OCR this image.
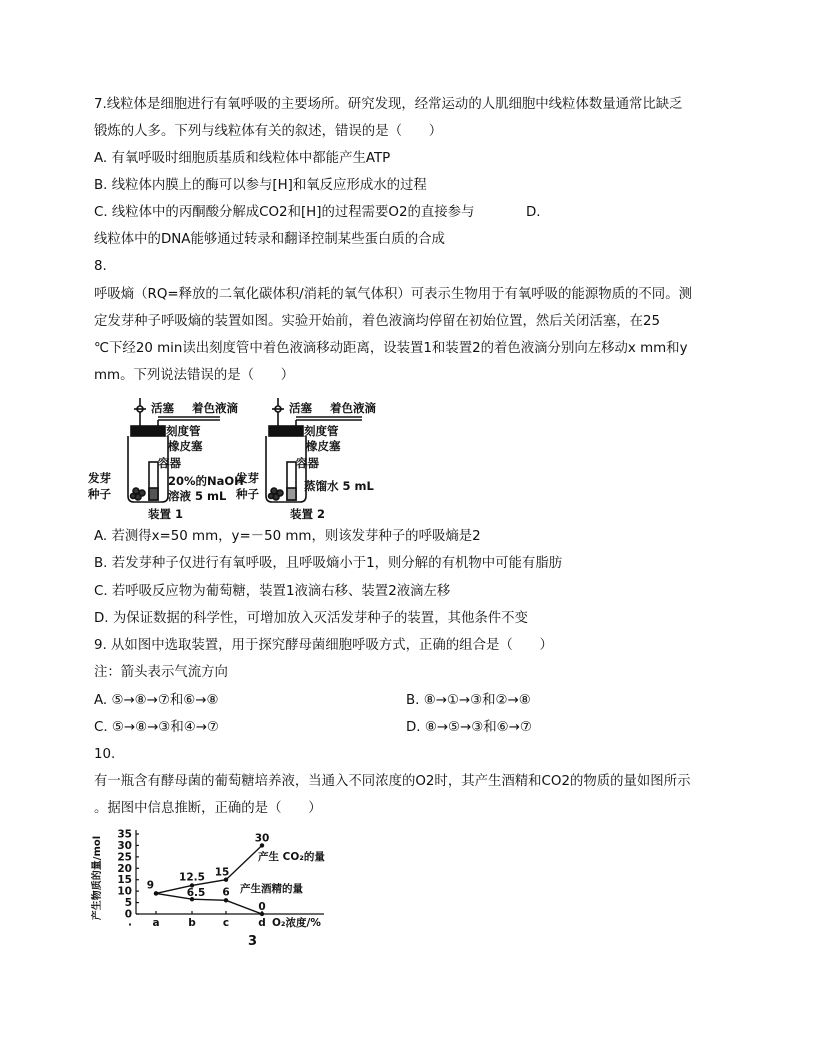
7.线粒体是细胞进行有氧呼吸的主要场所。研究发现，经常运动的人肌细胞中线粒体数量通常比缺乏
锻炼的人多。下列与线粒体有关的叙述，错误的是（　　）
A. 有氧呼吸时细胞质基质和线粒体中都能产生ATP
B. 线粒体内膜上的酶可以参与[H]和氧反应形成水的过程
C. 线粒体中的丙酮酸分解成CO2和[H]的过程需要O2的直接参与	D.
线粒体中的DNA能够通过转录和翻译控制某些蛋白质的合成
8.
呼吸熵（RQ=释放的二氧化碳体积/消耗的氧气体积）可表示生物用于有氧呼吸的能源物质的不同。测
定发芽种子呼吸熵的装置如图。实验开始前，着色液滴均停留在初始位置，然后关闭活塞，在25
℃下经20 min读出刻度管中着色液滴移动距离，设装置1和装置2的着色液滴分别向左移动x mm和y
mm。下列说法错误的是（　　）
活塞 着色液滴
刻度管
橡皮塞
容器
发芽
种子
20%的NaOH
溶液 5 mL
装置 1
活塞 着色液滴
刻度管
橡皮塞
容器
发芽
种子
蒸馏水 5 mL
装置 2
A. 若测得x=50 mm，y=－50 mm，则该发芽种子的呼吸熵是2
B. 若发芽种子仅进行有氧呼吸，且呼吸熵小于1，则分解的有机物中可能有脂肪
C. 若呼吸反应物为葡萄糖，装置1液滴右移、装置2液滴左移
D. 为保证数据的科学性，可增加放入灭活发芽种子的装置，其他条件不变
9. 从如图中选取装置，用于探究酵母菌细胞呼吸方式，正确的组合是（　　）
注：箭头表示气流方向
A. ⑤→⑧→⑦和⑥→⑧	B. ⑧→①→③和②→⑧
C. ⑤→⑧→③和④→⑦	D. ⑧→⑤→③和⑥→⑦
10.
有一瓶含有酵母菌的葡萄糖培养液，当通入不同浓度的O2时，其产生酒精和CO2的物质的量如图所示
。据图中信息推断，正确的是（　　）
0
5
10
15
20
25
30
35
a	b	c	d
·	O₂浓度/%
产生物质的量/mol	9
12.5
6.5
15
6
30
0
产生 CO₂的量
产生酒精的量
3
